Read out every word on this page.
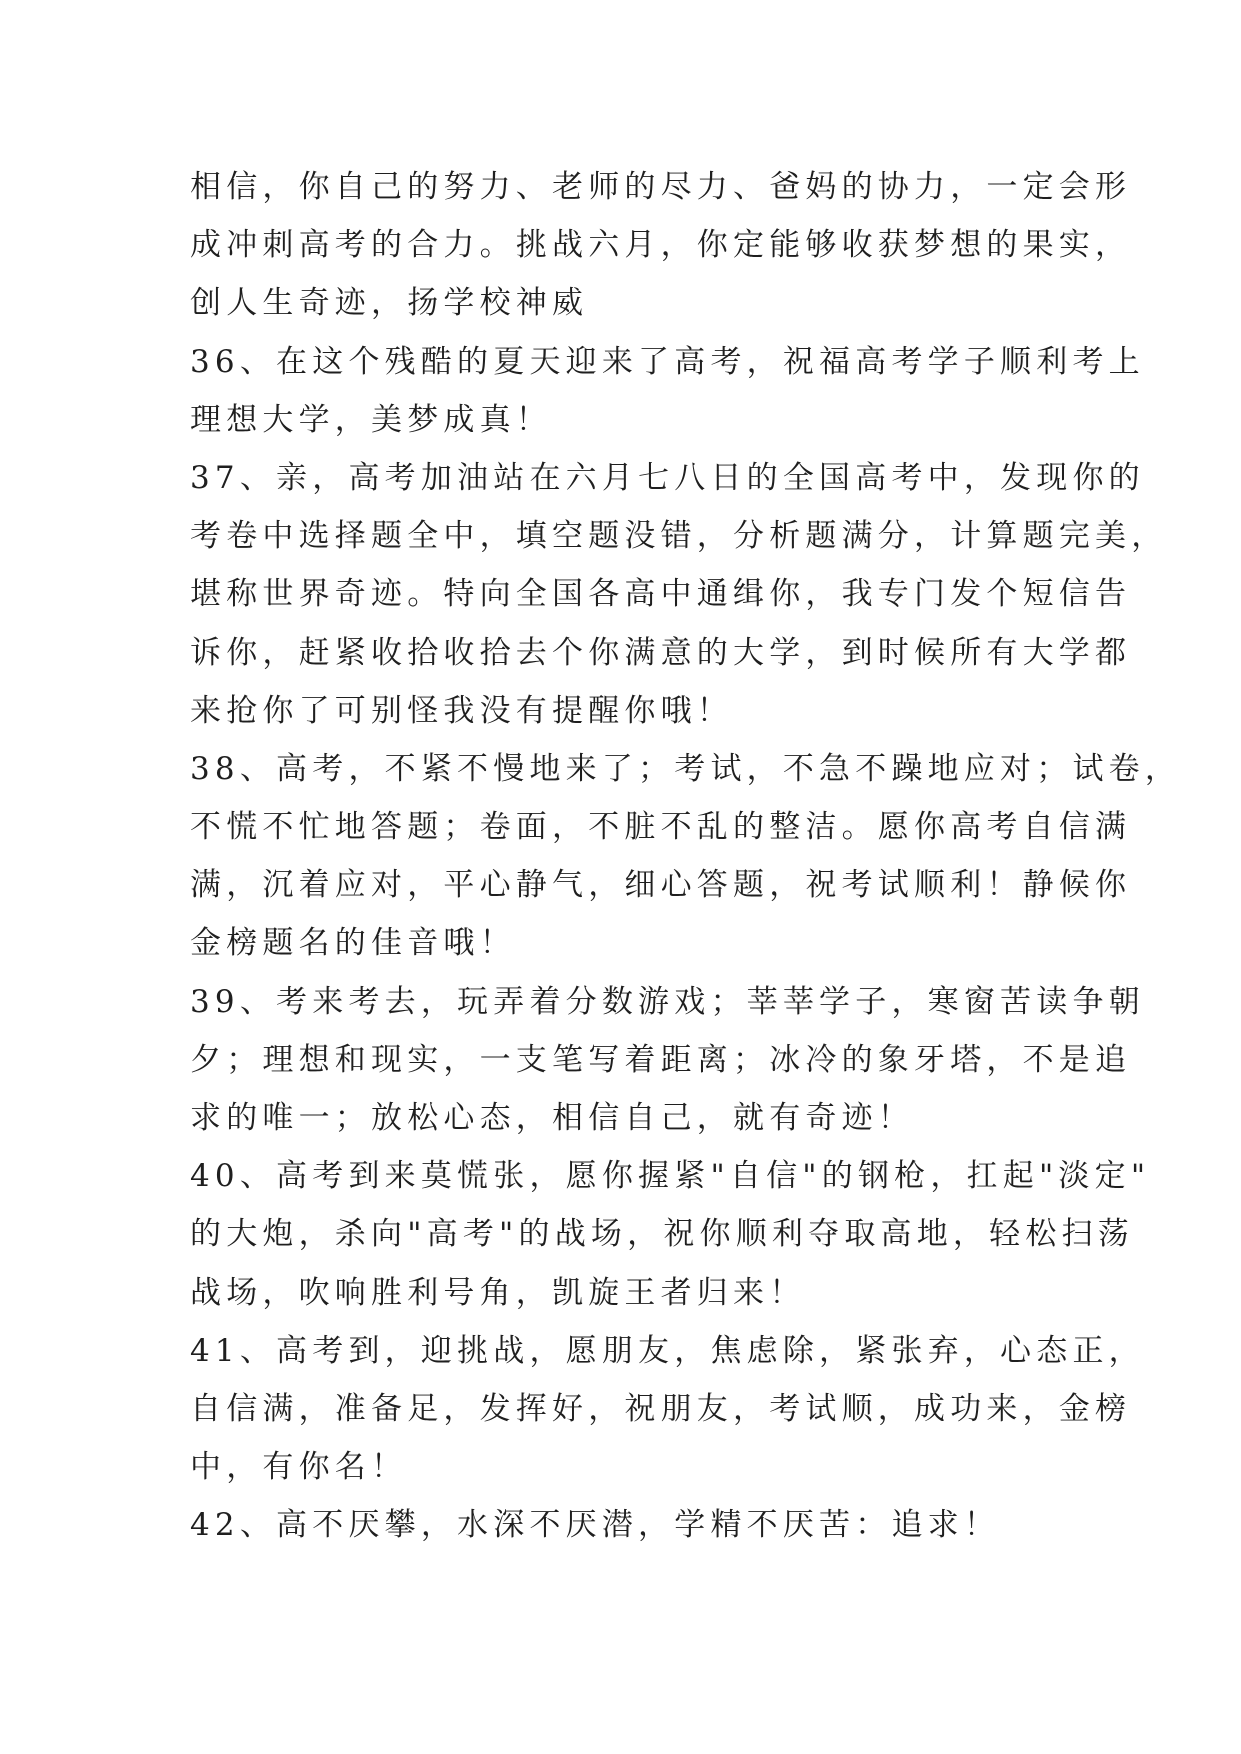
相信，你自己的努力、老师的尽力、爸妈的协力，一定会形
成冲刺高考的合力。挑战六月，你定能够收获梦想的果实，
创人生奇迹，扬学校神威
36、在这个残酷的夏天迎来了高考，祝福高考学子顺利考上
理想大学，美梦成真！
37、亲，高考加油站在六月七八日的全国高考中，发现你的
考卷中选择题全中，填空题没错，分析题满分，计算题完美，
堪称世界奇迹。特向全国各高中通缉你，我专门发个短信告
诉你，赶紧收拾收拾去个你满意的大学，到时候所有大学都
来抢你了可别怪我没有提醒你哦！
38、高考，不紧不慢地来了；考试，不急不躁地应对；试卷，
不慌不忙地答题；卷面，不脏不乱的整洁。愿你高考自信满
满，沉着应对，平心静气，细心答题，祝考试顺利！静候你
金榜题名的佳音哦！
39、考来考去，玩弄着分数游戏；莘莘学子，寒窗苦读争朝
夕；理想和现实，一支笔写着距离；冰冷的象牙塔，不是追
求的唯一；放松心态，相信自己，就有奇迹！
40、高考到来莫慌张，愿你握紧"自信"的钢枪，扛起"淡定"
的大炮，杀向"高考"的战场，祝你顺利夺取高地，轻松扫荡
战场，吹响胜利号角，凯旋王者归来！
41、高考到，迎挑战，愿朋友，焦虑除，紧张弃，心态正，
自信满，准备足，发挥好，祝朋友，考试顺，成功来，金榜
中，有你名！
42、高不厌攀，水深不厌潜，学精不厌苦：追求！
